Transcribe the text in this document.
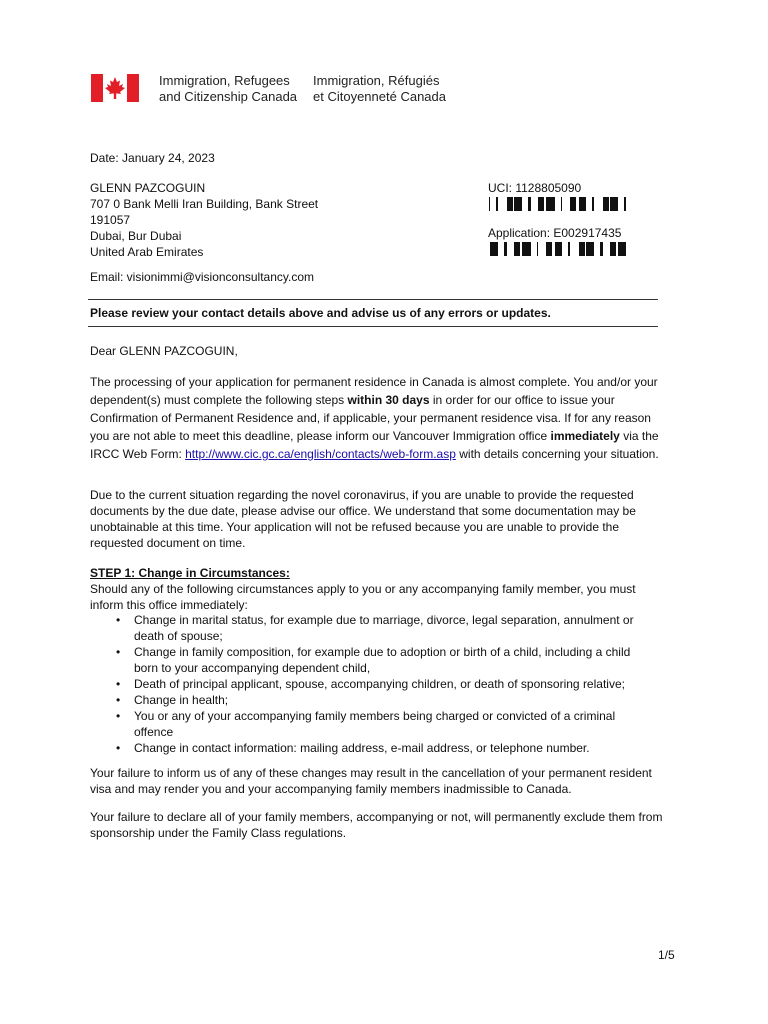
Immigration, Refugees
and Citizenship Canada
Immigration, Réfugiés
et Citoyenneté Canada
Date: January 24, 2023
GLENN PAZCOGUIN
707 0 Bank Melli Iran Building, Bank Street
191057
Dubai, Bur Dubai
United Arab Emirates
Email: visionimmi@visionconsultancy.com
UCI: 1128805090
Application: E002917435
Please review your contact details above and advise us of any errors or updates.
Dear GLENN PAZCOGUIN,
The processing of your application for permanent residence in Canada is almost complete. You and/or your dependent(s) must complete the following steps within 30 days in order for our office to issue your Confirmation of Permanent Residence and, if applicable, your permanent residence visa. If for any reason you are not able to meet this deadline, please inform our Vancouver Immigration office immediately via the IRCC Web Form: http://www.cic.gc.ca/english/contacts/web-form.asp with details concerning your situation.
Due to the current situation regarding the novel coronavirus, if you are unable to provide the requested documents by the due date, please advise our office. We understand that some documentation may be unobtainable at this time. Your application will not be refused because you are unable to provide the requested document on time.
STEP 1: Change in Circumstances:
Should any of the following circumstances apply to you or any accompanying family member, you must inform this office immediately:
• Change in marital status, for example due to marriage, divorce, legal separation, annulment or death of spouse;
• Change in family composition, for example due to adoption or birth of a child, including a child born to your accompanying dependent child,
• Death of principal applicant, spouse, accompanying children, or death of sponsoring relative;
• Change in health;
• You or any of your accompanying family members being charged or convicted of a criminal offence
• Change in contact information: mailing address, e-mail address, or telephone number.
Your failure to inform us of any of these changes may result in the cancellation of your permanent resident visa and may render you and your accompanying family members inadmissible to Canada.
Your failure to declare all of your family members, accompanying or not, will permanently exclude them from sponsorship under the Family Class regulations.
1/5
